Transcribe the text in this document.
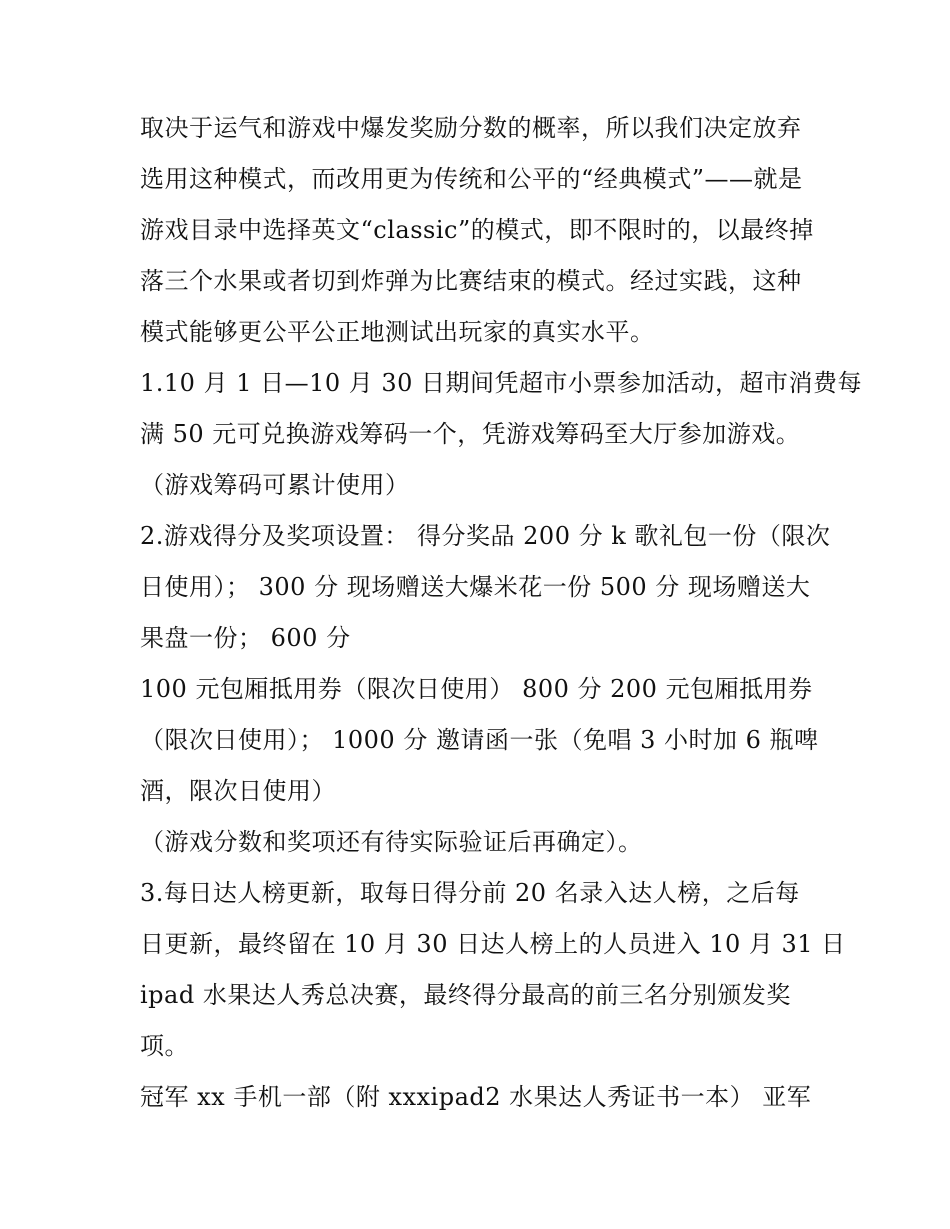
取决于运气和游戏中爆发奖励分数的概率，所以我们决定放弃
选用这种模式，而改用更为传统和公平的“经典模式”——就是
游戏目录中选择英文“classic”的模式，即不限时的，以最终掉
落三个水果或者切到炸弹为比赛结束的模式。经过实践，这种
模式能够更公平公正地测试出玩家的真实水平。
1.10 月 1 日—10 月 30 日期间凭超市小票参加活动，超市消费每
满 50 元可兑换游戏筹码一个，凭游戏筹码至大厅参加游戏。
（游戏筹码可累计使用）
2.游戏得分及奖项设置： 得分奖品 200 分 k 歌礼包一份（限次
日使用）； 300 分 现场赠送大爆米花一份 500 分 现场赠送大
果盘一份； 600 分
100 元包厢抵用券（限次日使用） 800 分 200 元包厢抵用券
（限次日使用）； 1000 分 邀请函一张（免唱 3 小时加 6 瓶啤
酒，限次日使用）
（游戏分数和奖项还有待实际验证后再确定）。
3.每日达人榜更新，取每日得分前 20 名录入达人榜，之后每
日更新，最终留在 10 月 30 日达人榜上的人员进入 10 月 31 日
ipad 水果达人秀总决赛，最终得分最高的前三名分别颁发奖
项。
冠军 xx 手机一部（附 xxxipad2 水果达人秀证书一本） 亚军
